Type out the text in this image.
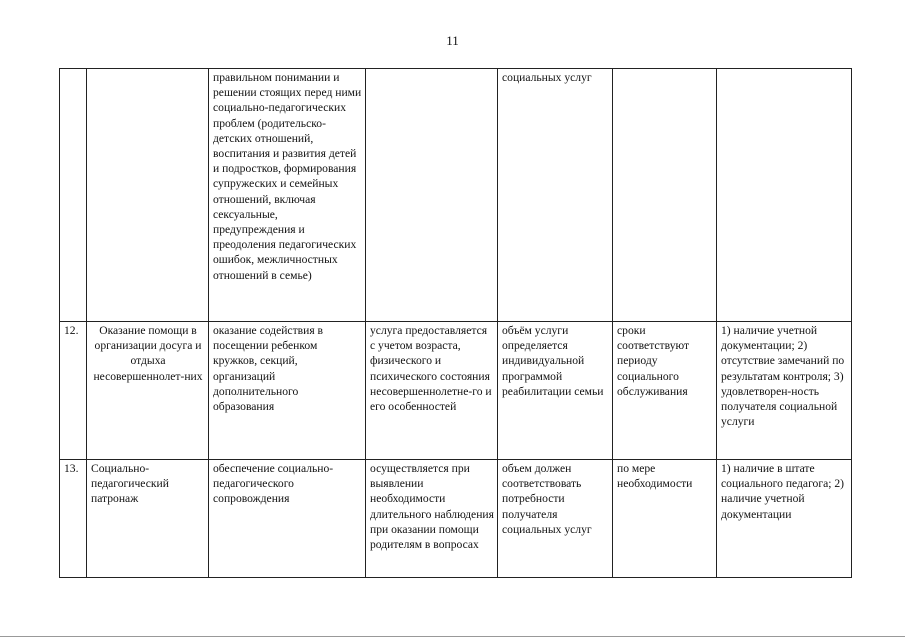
11
		правильном понимании и решении стоящих перед ними социально-педагогических проблем (родительско-детских отношений, воспитания и развития детей и подростков, формирования супружеских и семейных отношений, включая сексуальные, предупреждения и преодоления педагогических ошибок, межличностных отношений в семье)		социальных услуг		
12.	Оказание помощи в организации досуга и отдыха несовершеннолет-них	оказание содействия в посещении ребенком кружков, секций, организаций дополнительного образования	услуга предоставляется с учетом возраста, физического и психического состояния несовершеннолетне-го и его особенностей	объём услуги определяется индивидуальной программой реабилитации семьи	сроки соответствуют периоду социального обслуживания	1) наличие учетной документации; 2) отсутствие замечаний по результатам контроля; 3) удовлетворен-ность получателя социальной услуги
13.	Социально-педагогический патронаж	обеспечение социально-педагогического сопровождения	осуществляется при выявлении необходимости длительного наблюдения при оказании помощи родителям в вопросах	объем должен соответствовать потребности получателя социальных услуг	по мере необходимости	1) наличие в штате социального педагога; 2) наличие учетной документации
